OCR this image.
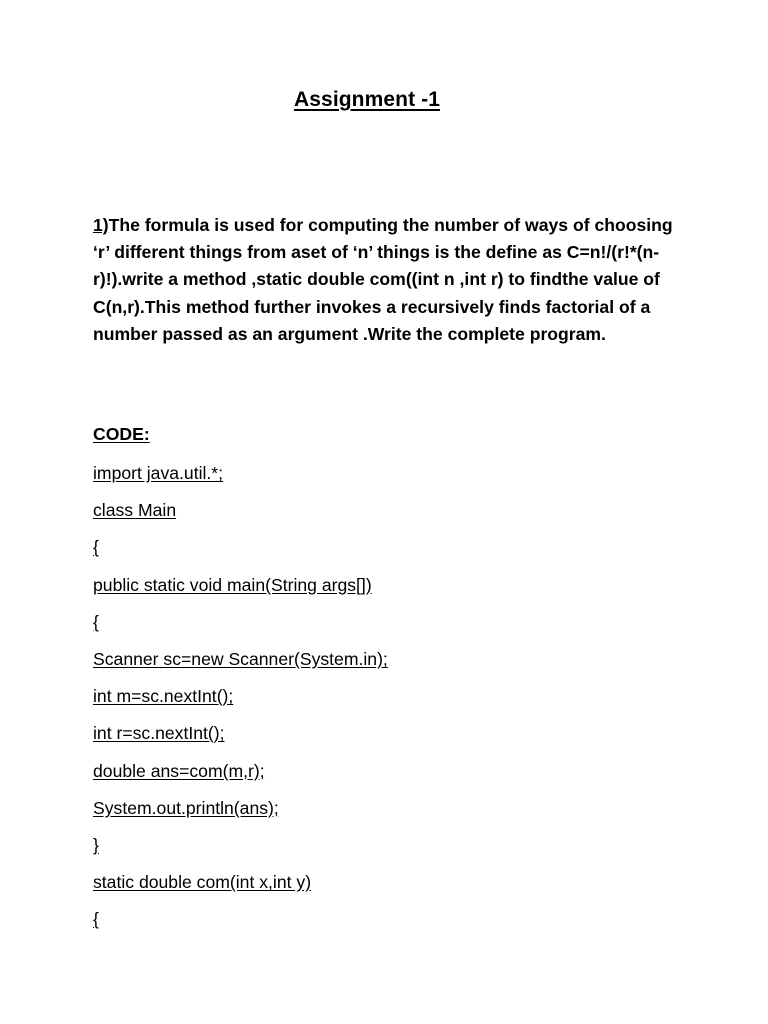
Assignment -1

1)The formula is used for computing the number of ways of choosing ‘r’ different things from aset of ‘n’ things is the define as C=n!/(r!*(n-r)!).write a method ,static double com((int n ,int r) to findthe value of C(n,r).This method further invokes a recursively finds factorial of a number passed as an argument .Write the complete program.

CODE:
import java.util.*;
class Main
{
public static void main(String args[])
{
Scanner sc=new Scanner(System.in);
int m=sc.nextInt();
int r=sc.nextInt();
double ans=com(m,r);
System.out.println(ans);
}
static double com(int x,int y)
{
